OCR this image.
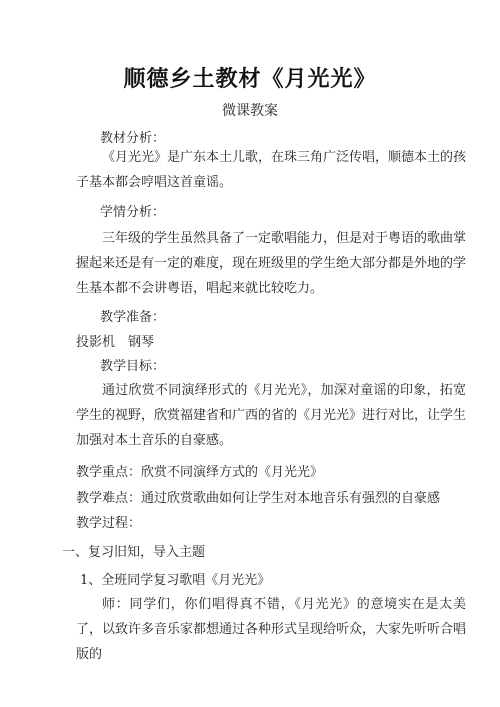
顺德乡土教材《月光光》
微课教案
教材分析：
《月光光》是广东本土儿歌，在珠三角广泛传唱，顺德本土的孩子基本都会哼唱这首童谣。
学情分析：
三年级的学生虽然具备了一定歌唱能力，但是对于粤语的歌曲掌握起来还是有一定的难度，现在班级里的学生绝大部分都是外地的学生基本都不会讲粤语，唱起来就比较吃力。
教学准备：
投影机　钢琴
教学目标：
通过欣赏不同演绎形式的《月光光》，加深对童谣的印象，拓宽学生的视野，欣赏福建省和广西的省的《月光光》进行对比，让学生加强对本土音乐的自豪感。
教学重点：欣赏不同演绎方式的《月光光》
教学难点：通过欣赏歌曲如何让学生对本地音乐有强烈的自豪感
教学过程：
一、复习旧知，导入主题
1、全班同学复习歌唱《月光光》
师：同学们，你们唱得真不错，《月光光》的意境实在是太美了，以致许多音乐家都想通过各种形式呈现给听众，大家先听听合唱版的
